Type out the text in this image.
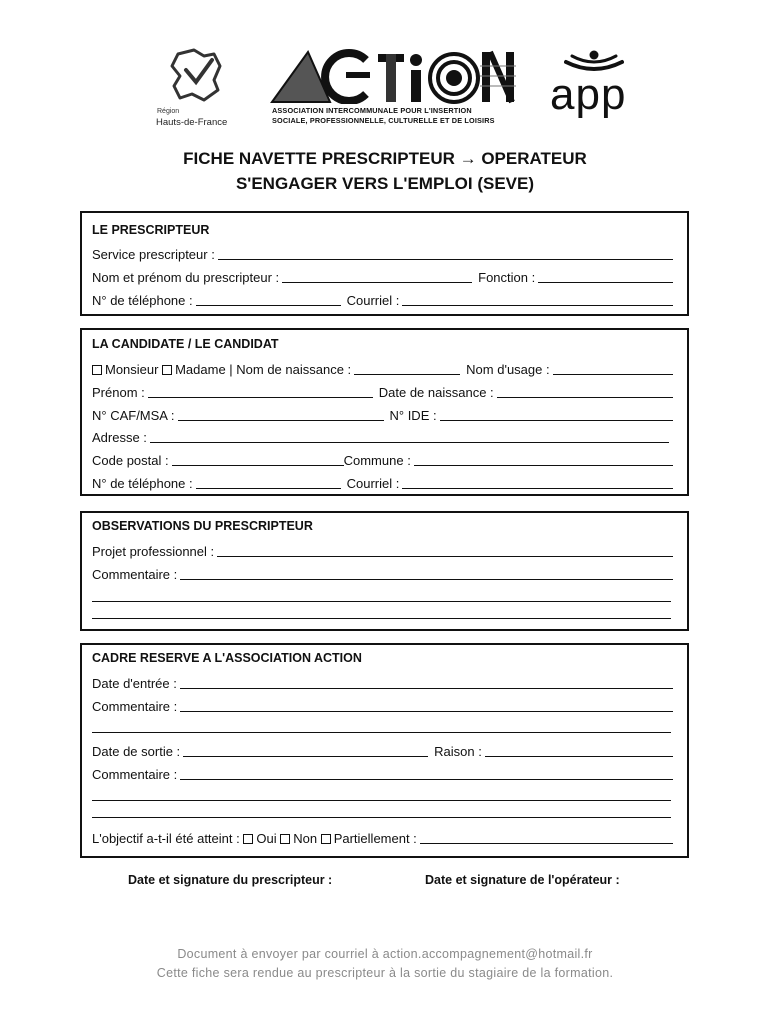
Région
Hauts-de-France
ASSOCIATION INTERCOMMUNALE POUR L'INSERTION
SOCIALE, PROFESSIONNELLE, CULTURELLE ET DE LOISIRS
app
FICHE NAVETTE PRESCRIPTEUR → OPERATEUR
S'ENGAGER VERS L'EMPLOI (SEVE)
LE PRESCRIPTEUR
Service prescripteur :
Nom et prénom du prescripteur :	Fonction :
N° de téléphone :	Courriel :
LA CANDIDATE / LE CANDIDAT
Monsieur Madame | Nom de naissance :	Nom d'usage :
Prénom :	Date de naissance :
N° CAF/MSA :	N° IDE :
Adresse :
Code postal :	Commune :
N° de téléphone :	Courriel :
OBSERVATIONS DU PRESCRIPTEUR
Projet professionnel :
Commentaire :
CADRE RESERVE A L'ASSOCIATION ACTION
Date d'entrée :
Commentaire :
Date de sortie :	Raison :
Commentaire :
L'objectif a-t-il été atteint : Oui Non Partiellement :
Date et signature du prescripteur :	Date et signature de l'opérateur :
Document à envoyer par courriel à action.accompagnement@hotmail.fr
Cette fiche sera rendue au prescripteur à la sortie du stagiaire de la formation.
